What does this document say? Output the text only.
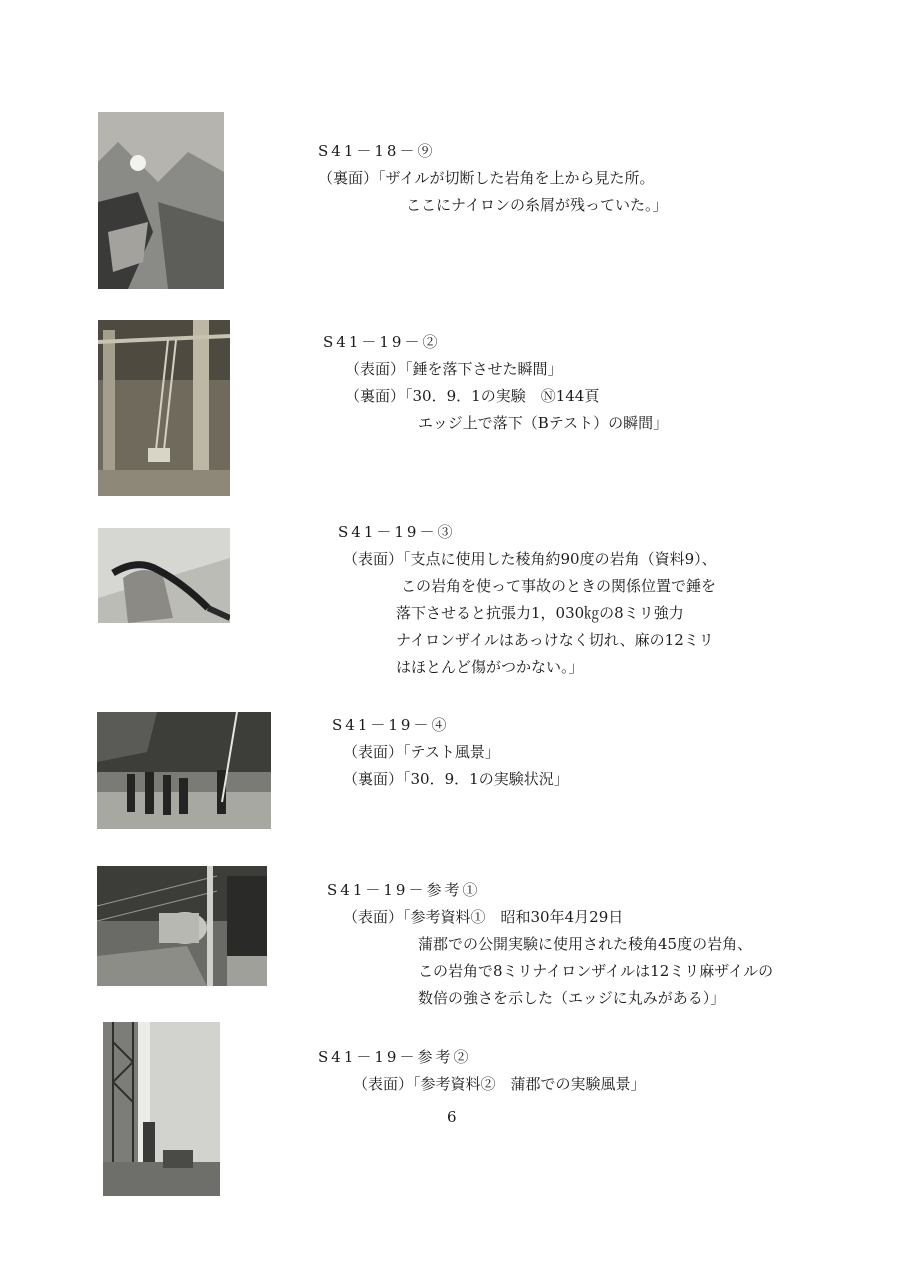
S41－18－⑨
（裏面）「ザイルが切断した岩角を上から見た所。
ここにナイロンの糸屑が残っていた。」
S41－19－②
（表面）「錘を落下させた瞬間」
（裏面）「30．9．1の実験　Ⓝ144頁
エッジ上で落下（Bテスト）の瞬間」
S41－19－③
（表面）「支点に使用した稜角約90度の岩角（資料9）、
この岩角を使って事故のときの関係位置で錘を
落下させると抗張力1，030㎏の8ミリ強力
ナイロンザイルはあっけなく切れ、麻の12ミリ
はほとんど傷がつかない。」
S41－19－④
（表面）「テスト風景」
（裏面）「30．9．1の実験状況」
S41－19－参考①
（表面）「参考資料①　昭和30年4月29日
蒲郡での公開実験に使用された稜角45度の岩角、
この岩角で8ミリナイロンザイルは12ミリ麻ザイルの
数倍の強さを示した（エッジに丸みがある）」
S41－19－参考②
（表面）「参考資料②　蒲郡での実験風景」
6
